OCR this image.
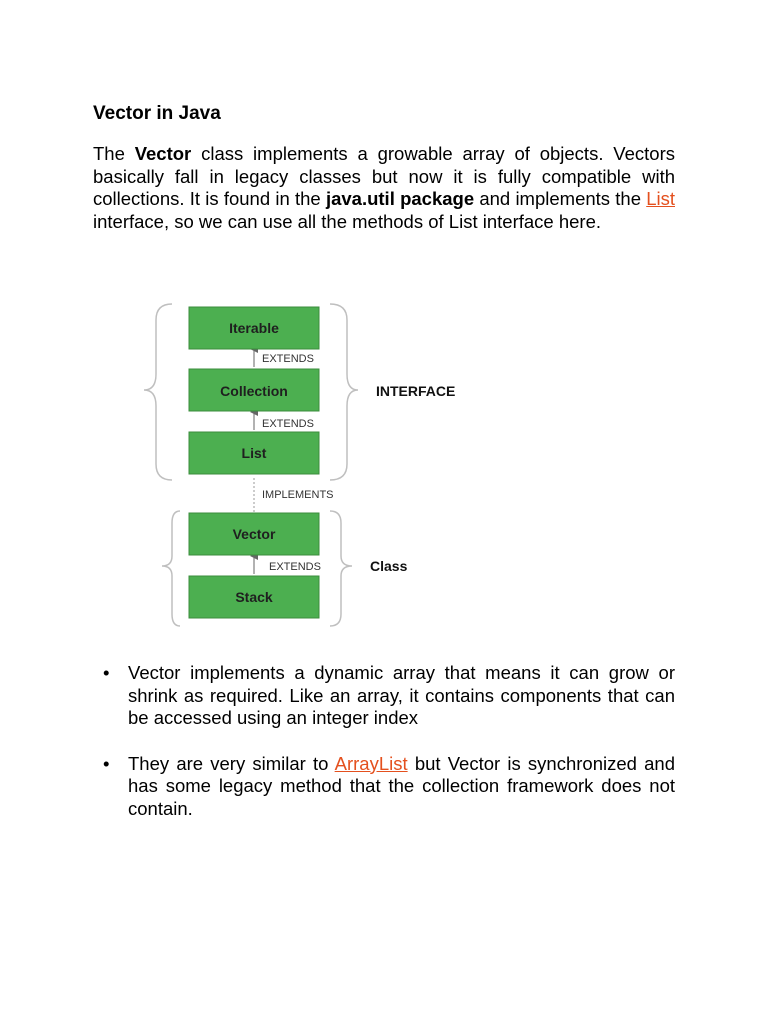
Vector in Java

The Vector class implements a growable array of objects. Vectors basically fall in legacy classes but now it is fully compatible with collections. It is found in the java.util package and implements the List interface, so we can use all the methods of List interface here.

EXTENDS
EXTENDS
IMPLEMENTS
EXTENDS
Iterable
Collection
List
Vector
Stack
INTERFACE
Class
• Vector implements a dynamic array that means it can grow or shrink as required. Like an array, it contains components that can be accessed using an integer index
• They are very similar to ArrayList but Vector is synchronized and has some legacy method that the collection framework does not contain.
